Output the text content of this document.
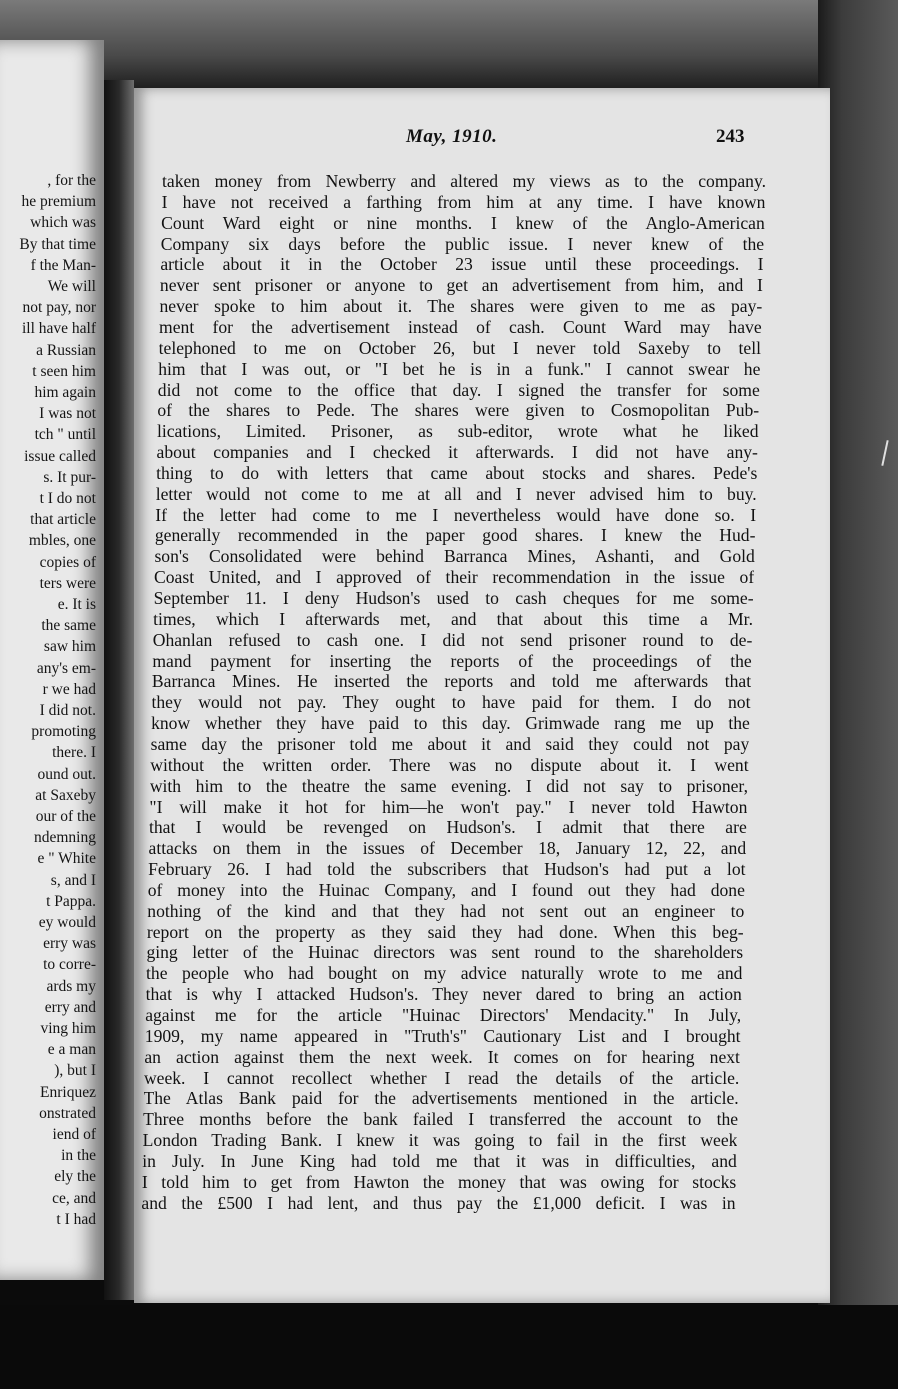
, for the
he premium
which was
By that time
f the Man-
We will
not pay, nor
ill have half
a Russian
t seen him
him again
I was not
tch " until
issue called
s. It pur-
t I do not
that article
mbles, one
copies of
ters were
e. It is
the same
saw him
any's em-
r we had
I did not.
promoting
there. I
ound out.
at Saxeby
our of the
ndemning
e " White
s, and I
t Pappa.
ey would
erry was
to corre-
ards my
erry and
ving him
e a man
), but I
Enriquez
onstrated
iend of
in the
ely the
ce, and
t I had
May, 1910.	243
taken money from Newberry and altered my views as to the company.
I have not received a farthing from him at any time. I have known
Count Ward eight or nine months. I knew of the Anglo-American
Company six days before the public issue. I never knew of the
article about it in the October 23 issue until these proceedings. I
never sent prisoner or anyone to get an advertisement from him, and I
never spoke to him about it. The shares were given to me as pay-
ment for the advertisement instead of cash. Count Ward may have
telephoned to me on October 26, but I never told Saxeby to tell
him that I was out, or "I bet he is in a funk." I cannot swear he
did not come to the office that day. I signed the transfer for some
of the shares to Pede. The shares were given to Cosmopolitan Pub-
lications, Limited. Prisoner, as sub-editor, wrote what he liked
about companies and I checked it afterwards. I did not have any-
thing to do with letters that came about stocks and shares. Pede's
letter would not come to me at all and I never advised him to buy.
If the letter had come to me I nevertheless would have done so. I
generally recommended in the paper good shares. I knew the Hud-
son's Consolidated were behind Barranca Mines, Ashanti, and Gold
Coast United, and I approved of their recommendation in the issue of
September 11. I deny Hudson's used to cash cheques for me some-
times, which I afterwards met, and that about this time a Mr.
Ohanlan refused to cash one. I did not send prisoner round to de-
mand payment for inserting the reports of the proceedings of the
Barranca Mines. He inserted the reports and told me afterwards that
they would not pay. They ought to have paid for them. I do not
know whether they have paid to this day. Grimwade rang me up the
same day the prisoner told me about it and said they could not pay
without the written order. There was no dispute about it. I went
with him to the theatre the same evening. I did not say to prisoner,
"I will make it hot for him—he won't pay." I never told Hawton
that I would be revenged on Hudson's. I admit that there are
attacks on them in the issues of December 18, January 12, 22, and
February 26. I had told the subscribers that Hudson's had put a lot
of money into the Huinac Company, and I found out they had done
nothing of the kind and that they had not sent out an engineer to
report on the property as they said they had done. When this beg-
ging letter of the Huinac directors was sent round to the shareholders
the people who had bought on my advice naturally wrote to me and
that is why I attacked Hudson's. They never dared to bring an action
against me for the article "Huinac Directors' Mendacity." In July,
1909, my name appeared in "Truth's" Cautionary List and I brought
an action against them the next week. It comes on for hearing next
week. I cannot recollect whether I read the details of the article.
The Atlas Bank paid for the advertisements mentioned in the article.
Three months before the bank failed I transferred the account to the
London Trading Bank. I knew it was going to fail in the first week
in July. In June King had told me that it was in difficulties, and
I told him to get from Hawton the money that was owing for stocks
and the £500 I had lent, and thus pay the £1,000 deficit. I was in
